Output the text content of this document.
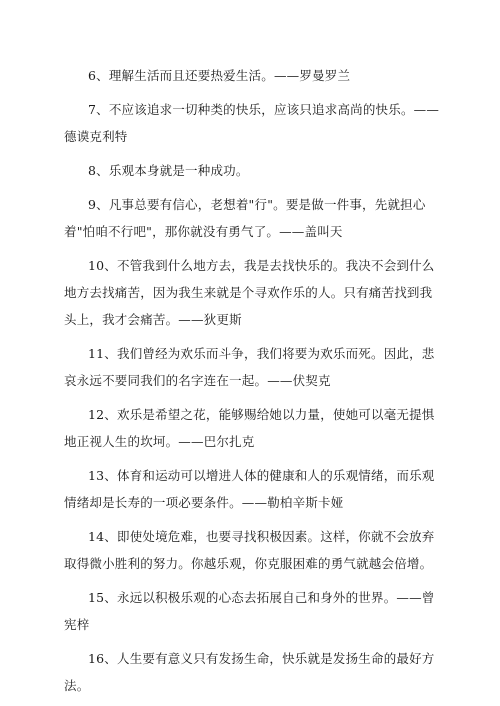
6、理解生活而且还要热爱生活。——罗曼罗兰

7、不应该追求一切种类的快乐，应该只追求高尚的快乐。——德谟克利特

8、乐观本身就是一种成功。

9、凡事总要有信心，老想着"行"。要是做一件事，先就担心着"怕咱不行吧"，那你就没有勇气了。——盖叫天

10、不管我到什么地方去，我是去找快乐的。我决不会到什么地方去找痛苦，因为我生来就是个寻欢作乐的人。只有痛苦找到我头上，我才会痛苦。——狄更斯

11、我们曾经为欢乐而斗争，我们将要为欢乐而死。因此，悲哀永远不要同我们的名字连在一起。——伏契克

12、欢乐是希望之花，能够赐给她以力量，使她可以毫无提惧地正视人生的坎坷。——巴尔扎克

13、体育和运动可以增进人体的健康和人的乐观情绪，而乐观情绪却是长寿的一项必要条件。——勒柏辛斯卡娅

14、即使处境危难，也要寻找积极因素。这样，你就不会放弃取得微小胜利的努力。你越乐观，你克服困难的勇气就越会倍增。

15、永远以积极乐观的心态去拓展自己和身外的世界。——曾宪梓

16、人生要有意义只有发扬生命，快乐就是发扬生命的最好方法。
